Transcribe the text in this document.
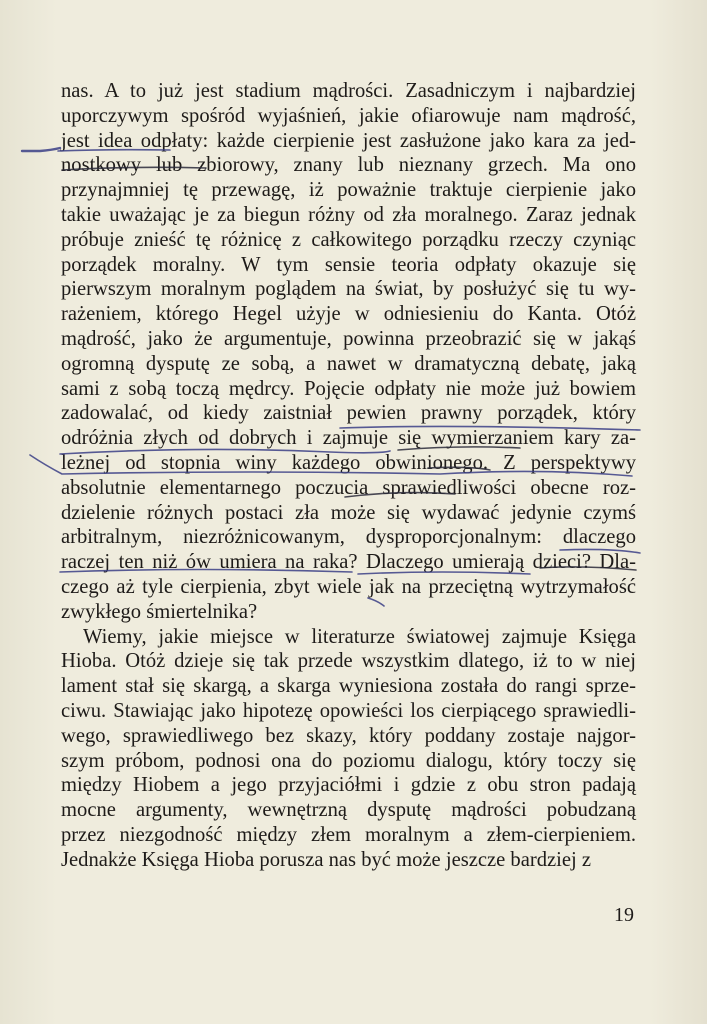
nas. A to już jest stadium mądrości. Zasadniczym i najbardziej
uporczywym spośród wyjaśnień, jakie ofiarowuje nam mądrość,
jest idea odpłaty: każde cierpienie jest zasłużone jako kara za jed-
nostkowy lub zbiorowy, znany lub nieznany grzech. Ma ono
przynajmniej tę przewagę, iż poważnie traktuje cierpienie jako
takie uważając je za biegun różny od zła moralnego. Zaraz jednak
próbuje znieść tę różnicę z całkowitego porządku rzeczy czyniąc
porządek moralny. W tym sensie teoria odpłaty okazuje się
pierwszym moralnym poglądem na świat, by posłużyć się tu wy-
rażeniem, którego Hegel użyje w odniesieniu do Kanta. Otóż
mądrość, jako że argumentuje, powinna przeobrazić się w jakąś
ogromną dysputę ze sobą, a nawet w dramatyczną debatę, jaką
sami z sobą toczą mędrcy. Pojęcie odpłaty nie może już bowiem
zadowalać, od kiedy zaistniał pewien prawny porządek, który
odróżnia złych od dobrych i zajmuje się wymierzaniem kary za-
leżnej od stopnia winy każdego obwinionego. Z perspektywy
absolutnie elementarnego poczucia sprawiedliwości obecne roz-
dzielenie różnych postaci zła może się wydawać jedynie czymś
arbitralnym, niezróżnicowanym, dysproporcjonalnym: dlaczego
raczej ten niż ów umiera na raka? Dlaczego umierają dzieci? Dla-
czego aż tyle cierpienia, zbyt wiele jak na przeciętną wytrzymałość
zwykłego śmiertelnika?
Wiemy, jakie miejsce w literaturze światowej zajmuje Księga
Hioba. Otóż dzieje się tak przede wszystkim dlatego, iż to w niej
lament stał się skargą, a skarga wyniesiona została do rangi sprze-
ciwu. Stawiając jako hipotezę opowieści los cierpiącego sprawiedli-
wego, sprawiedliwego bez skazy, który poddany zostaje najgor-
szym próbom, podnosi ona do poziomu dialogu, który toczy się
między Hiobem a jego przyjaciółmi i gdzie z obu stron padają
mocne argumenty, wewnętrzną dysputę mądrości pobudzaną
przez niezgodność między złem moralnym a złem-cierpieniem.
Jednakże Księga Hioba porusza nas być może jeszcze bardziej z
19
